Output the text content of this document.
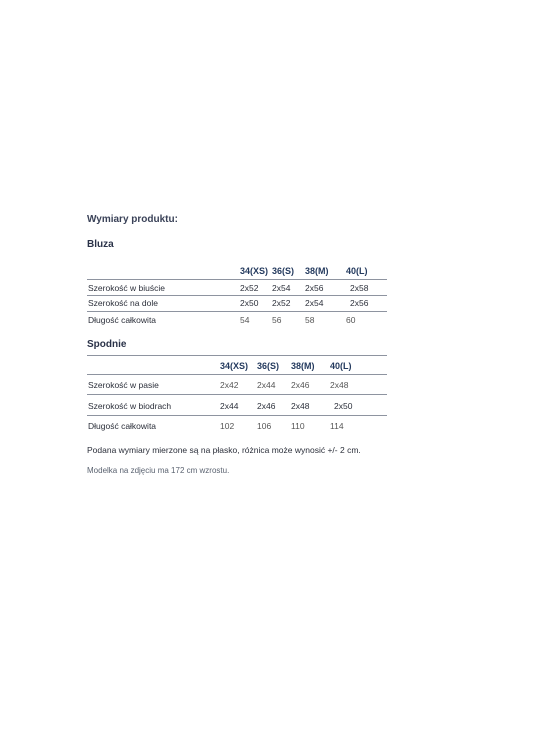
Wymiary produktu:
Bluza
34(XS) 36(S) 38(M) 40(L)
Szerokość w biuście	2x52 2x54 2x56	2x58
Szerokość na dole	2x50 2x52 2x54	2x56
Długość całkowita	54	56	58	60
Spodnie
34(XS) 36(S) 38(M) 40(L)
Szerokość w pasie	2x42 2x44 2x46 2x48
Szerokość w biodrach	2x44 2x46 2x48	2x50
Długość całkowita	102	106 110	114
Podana wymiary mierzone są na płasko, różnica może wynosić +/- 2 cm.
Modelka na zdjęciu ma 172 cm wzrostu.
